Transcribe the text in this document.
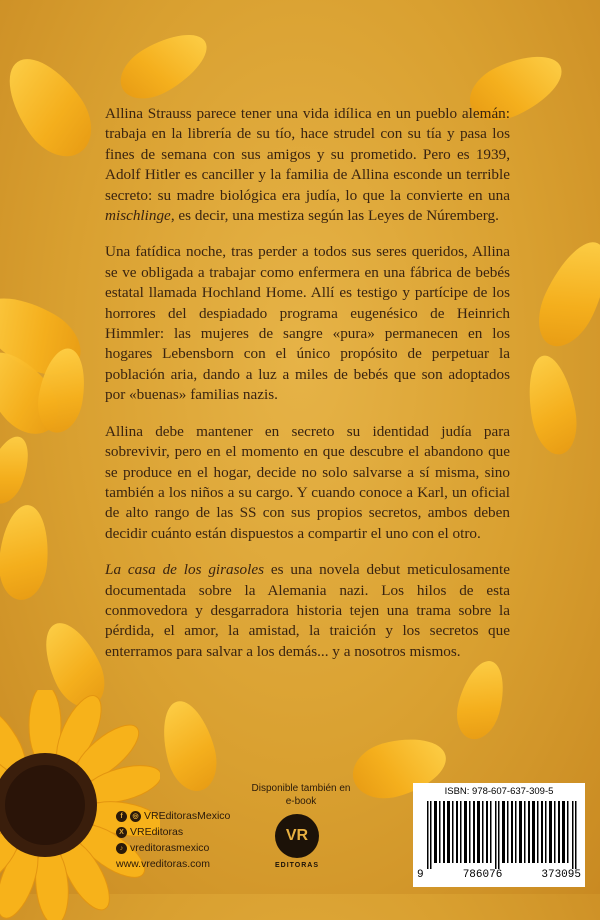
Allina Strauss parece tener una vida idílica en un pueblo alemán: trabaja en la librería de su tío, hace strudel con su tía y pasa los fines de semana con sus amigos y su prometido. Pero es 1939, Adolf Hitler es canciller y la familia de Allina esconde un terrible secreto: su madre biológica era judía, lo que la convierte en una mischlinge, es decir, una mestiza según las Leyes de Núremberg.

Una fatídica noche, tras perder a todos sus seres queridos, Allina se ve obligada a trabajar como enfermera en una fábrica de bebés estatal llamada Hochland Home. Allí es testigo y partícipe de los horrores del despiadado programa eugenésico de Heinrich Himmler: las mujeres de sangre «pura» permanecen en los hogares Lebensborn con el único propósito de perpetuar la población aria, dando a luz a miles de bebés que son adoptados por «buenas» familias nazis.

Allina debe mantener en secreto su identidad judía para sobrevivir, pero en el momento en que descubre el abandono que se produce en el hogar, decide no solo salvarse a sí misma, sino también a los niños a su cargo. Y cuando conoce a Karl, un oficial de alto rango de las SS con sus propios secretos, ambos deben decidir cuánto están dispuestos a compartir el uno con el otro.

La casa de los girasoles es una novela debut meticulosamente documentada sobre la Alemania nazi. Los hilos de esta conmovedora y desgarradora historia tejen una trama sobre la pérdida, el amor, la amistad, la traición y los secretos que enterramos para salvar a los demás... y a nosotros mismos.

Disponible también en e-book
VR
EDITORAS
f	◎ VREditorasMexico
X VREditoras
♪ vreditorasmexico
www.vreditoras.com
ISBN: 978-607-637-309-5
9	786076	373095
